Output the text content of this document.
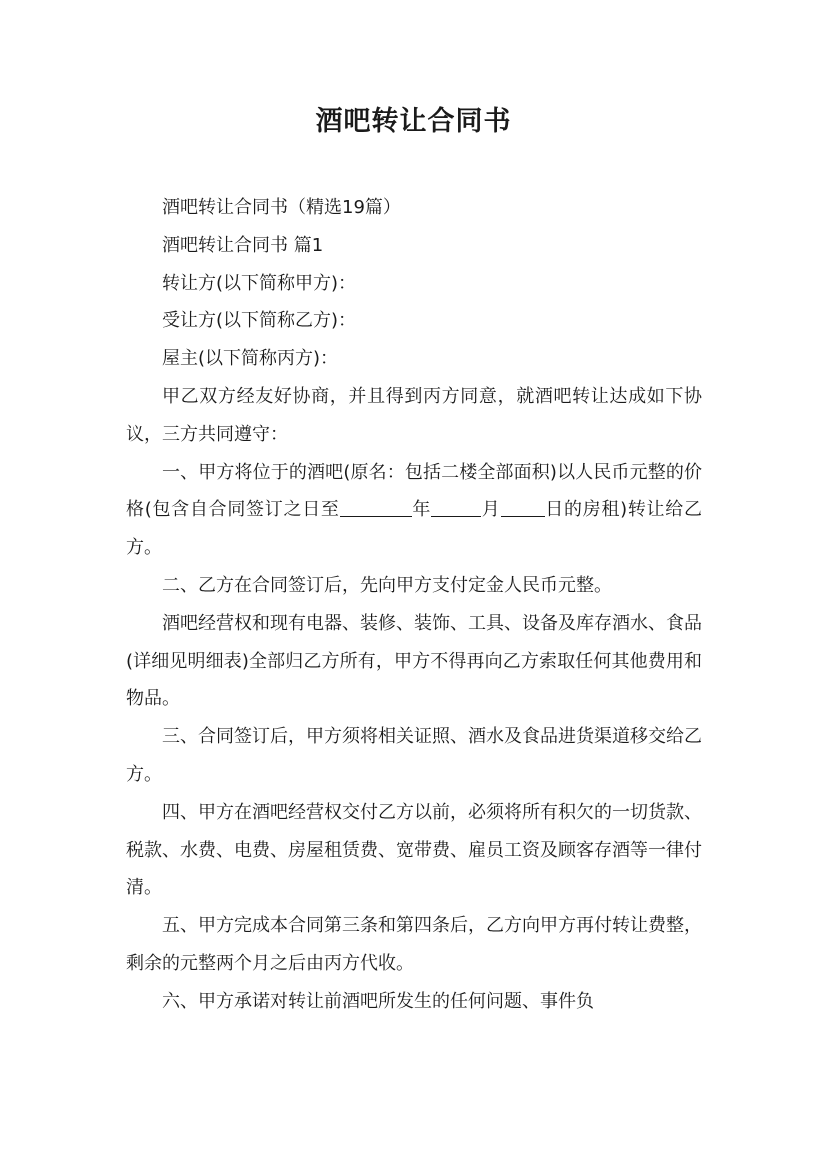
酒吧转让合同书

酒吧转让合同书（精选19篇）

酒吧转让合同书 篇1

转让方(以下简称甲方)：

受让方(以下简称乙方)：

屋主(以下简称丙方)：

甲乙双方经友好协商，并且得到丙方同意，就酒吧转让达成如下协议，三方共同遵守：

一、甲方将位于的酒吧(原名：包括二楼全部面积)以人民币元整的价格(包含自合同签订之日至	年	月 日的房租)转让给乙方。

二、乙方在合同签订后，先向甲方支付定金人民币元整。

酒吧经营权和现有电器、装修、装饰、工具、设备及库存酒水、食品(详细见明细表)全部归乙方所有，甲方不得再向乙方索取任何其他费用和物品。

三、合同签订后，甲方须将相关证照、酒水及食品进货渠道移交给乙方。

四、甲方在酒吧经营权交付乙方以前，必须将所有积欠的一切货款、税款、水费、电费、房屋租赁费、宽带费、雇员工资及顾客存酒等一律付清。

五、甲方完成本合同第三条和第四条后，乙方向甲方再付转让费整，剩余的元整两个月之后由丙方代收。

六、甲方承诺对转让前酒吧所发生的任何问题、事件负
